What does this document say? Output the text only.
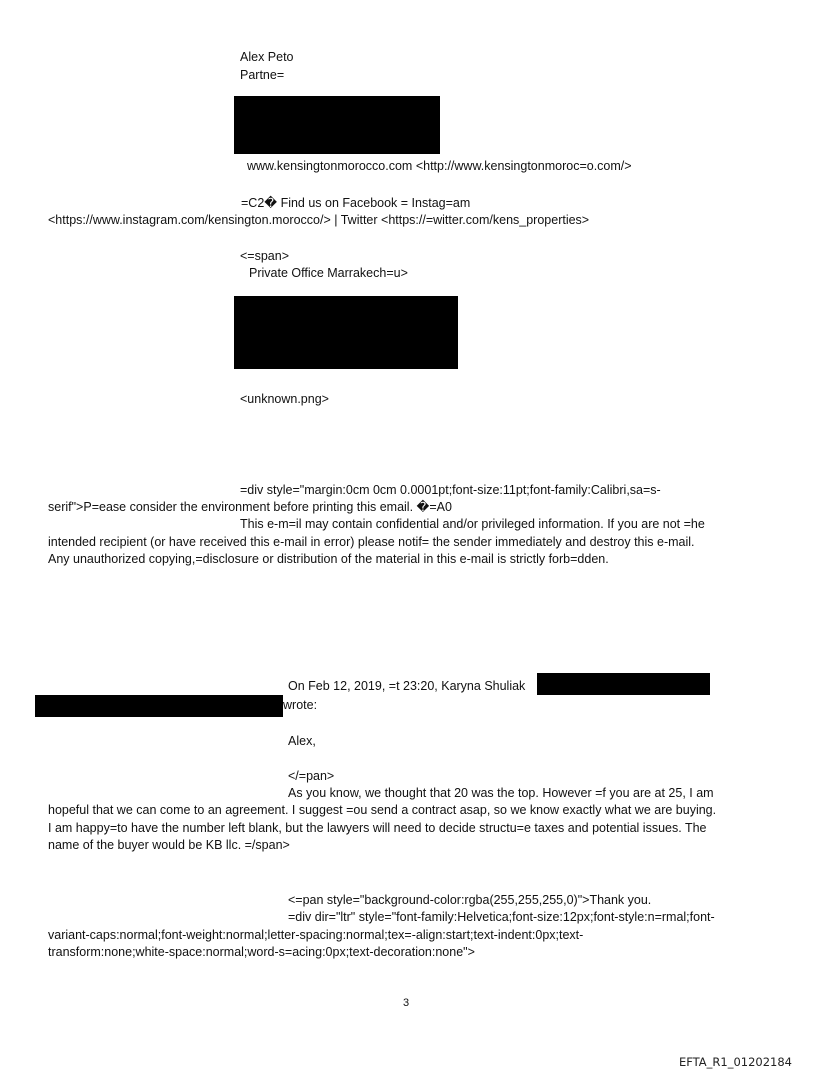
Alex Peto
Partne=
www.kensingtonmorocco.com <http://www.kensingtonmoroc=o.com/>
=C2� Find us on Facebook = Instag=am
<https://www.instagram.com/kensington.morocco/> | Twitter <https://=witter.com/kens_properties>
<=span>
Private Office Marrakech=u>
<unknown.png>
=div style="margin:0cm 0cm 0.0001pt;font-size:11pt;font-family:Calibri,sa=s-
serif">P=ease consider the environment before printing this email. �=A0
This e-m=il may contain confidential and/or privileged information. If you are not =he
intended recipient (or have received this e-mail in error) please notif= the sender immediately and destroy this e-mail.
Any unauthorized copying,=disclosure or distribution of the material in this e-mail is strictly forb=dden.
On Feb 12, 2019, =t 23:20, Karyna Shuliak
wrote:
Alex,
</=pan>
As you know, we thought that 20 was the top. However =f you are at 25, I am
hopeful that we can come to an agreement. I suggest =ou send a contract asap, so we know exactly what we are buying.
I am happy=to have the number left blank, but the lawyers will need to decide structu=e taxes and potential issues. The
name of the buyer would be KB llc. =/span>
<=pan style="background-color:rgba(255,255,255,0)">Thank you.
=div dir="ltr" style="font-family:Helvetica;font-size:12px;font-style:n=rmal;font-
variant-caps:normal;font-weight:normal;letter-spacing:normal;tex=-align:start;text-indent:0px;text-
transform:none;white-space:normal;word-s=acing:0px;text-decoration:none">
3
EFTA_R1_01202184
